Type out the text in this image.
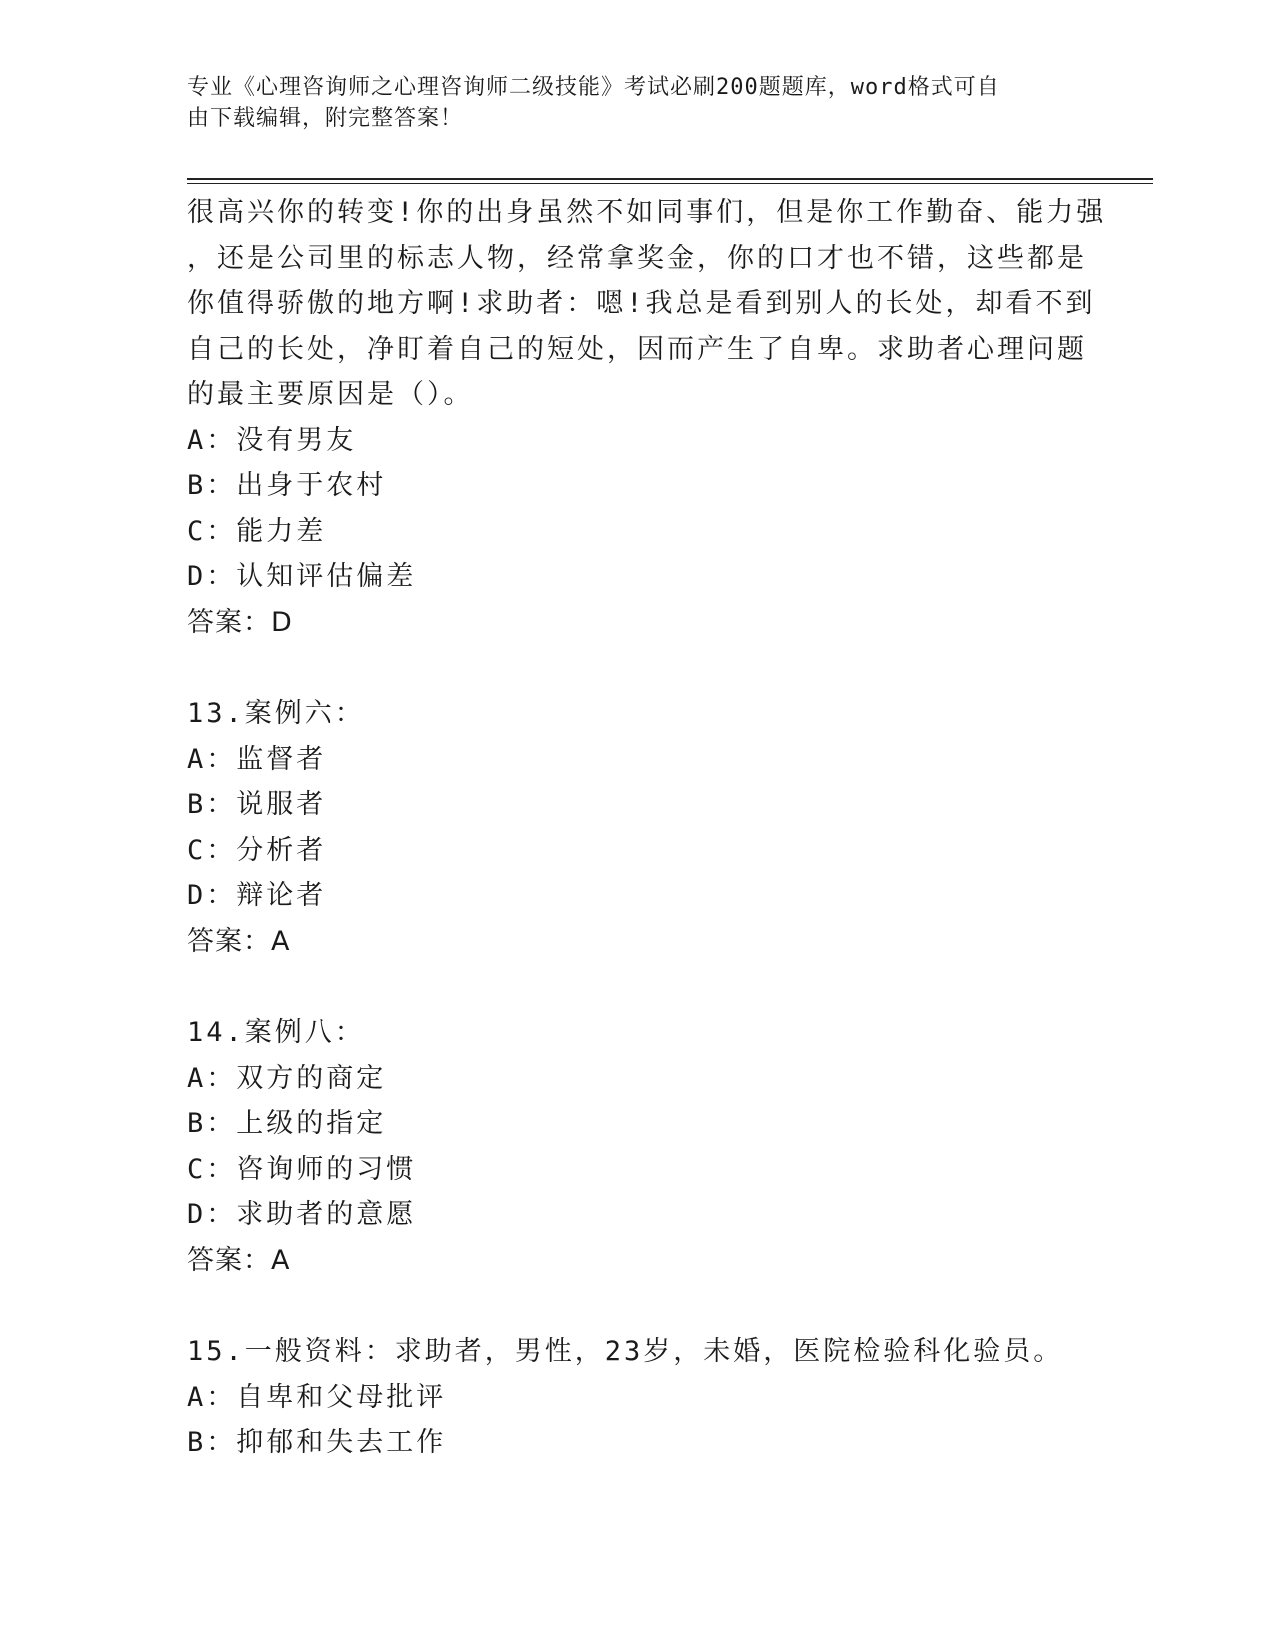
专业《心理咨询师之心理咨询师二级技能》考试必刷200题题库，word格式可自
由下载编辑，附完整答案！
很高兴你的转变!你的出身虽然不如同事们，但是你工作勤奋、能力强
，还是公司里的标志人物，经常拿奖金，你的口才也不错，这些都是
你值得骄傲的地方啊!求助者：嗯!我总是看到别人的长处，却看不到
自己的长处，净盯着自己的短处，因而产生了自卑。求助者心理问题
的最主要原因是（）。
A：没有男友
B：出身于农村
C：能力差
D：认知评估偏差
答案：D
13.案例六：
A：监督者
B：说服者
C：分析者
D：辩论者
答案：A
14.案例八：
A：双方的商定
B：上级的指定
C：咨询师的习惯
D：求助者的意愿
答案：A
15.一般资料：求助者，男性，23岁，未婚，医院检验科化验员。
A：自卑和父母批评
B：抑郁和失去工作
